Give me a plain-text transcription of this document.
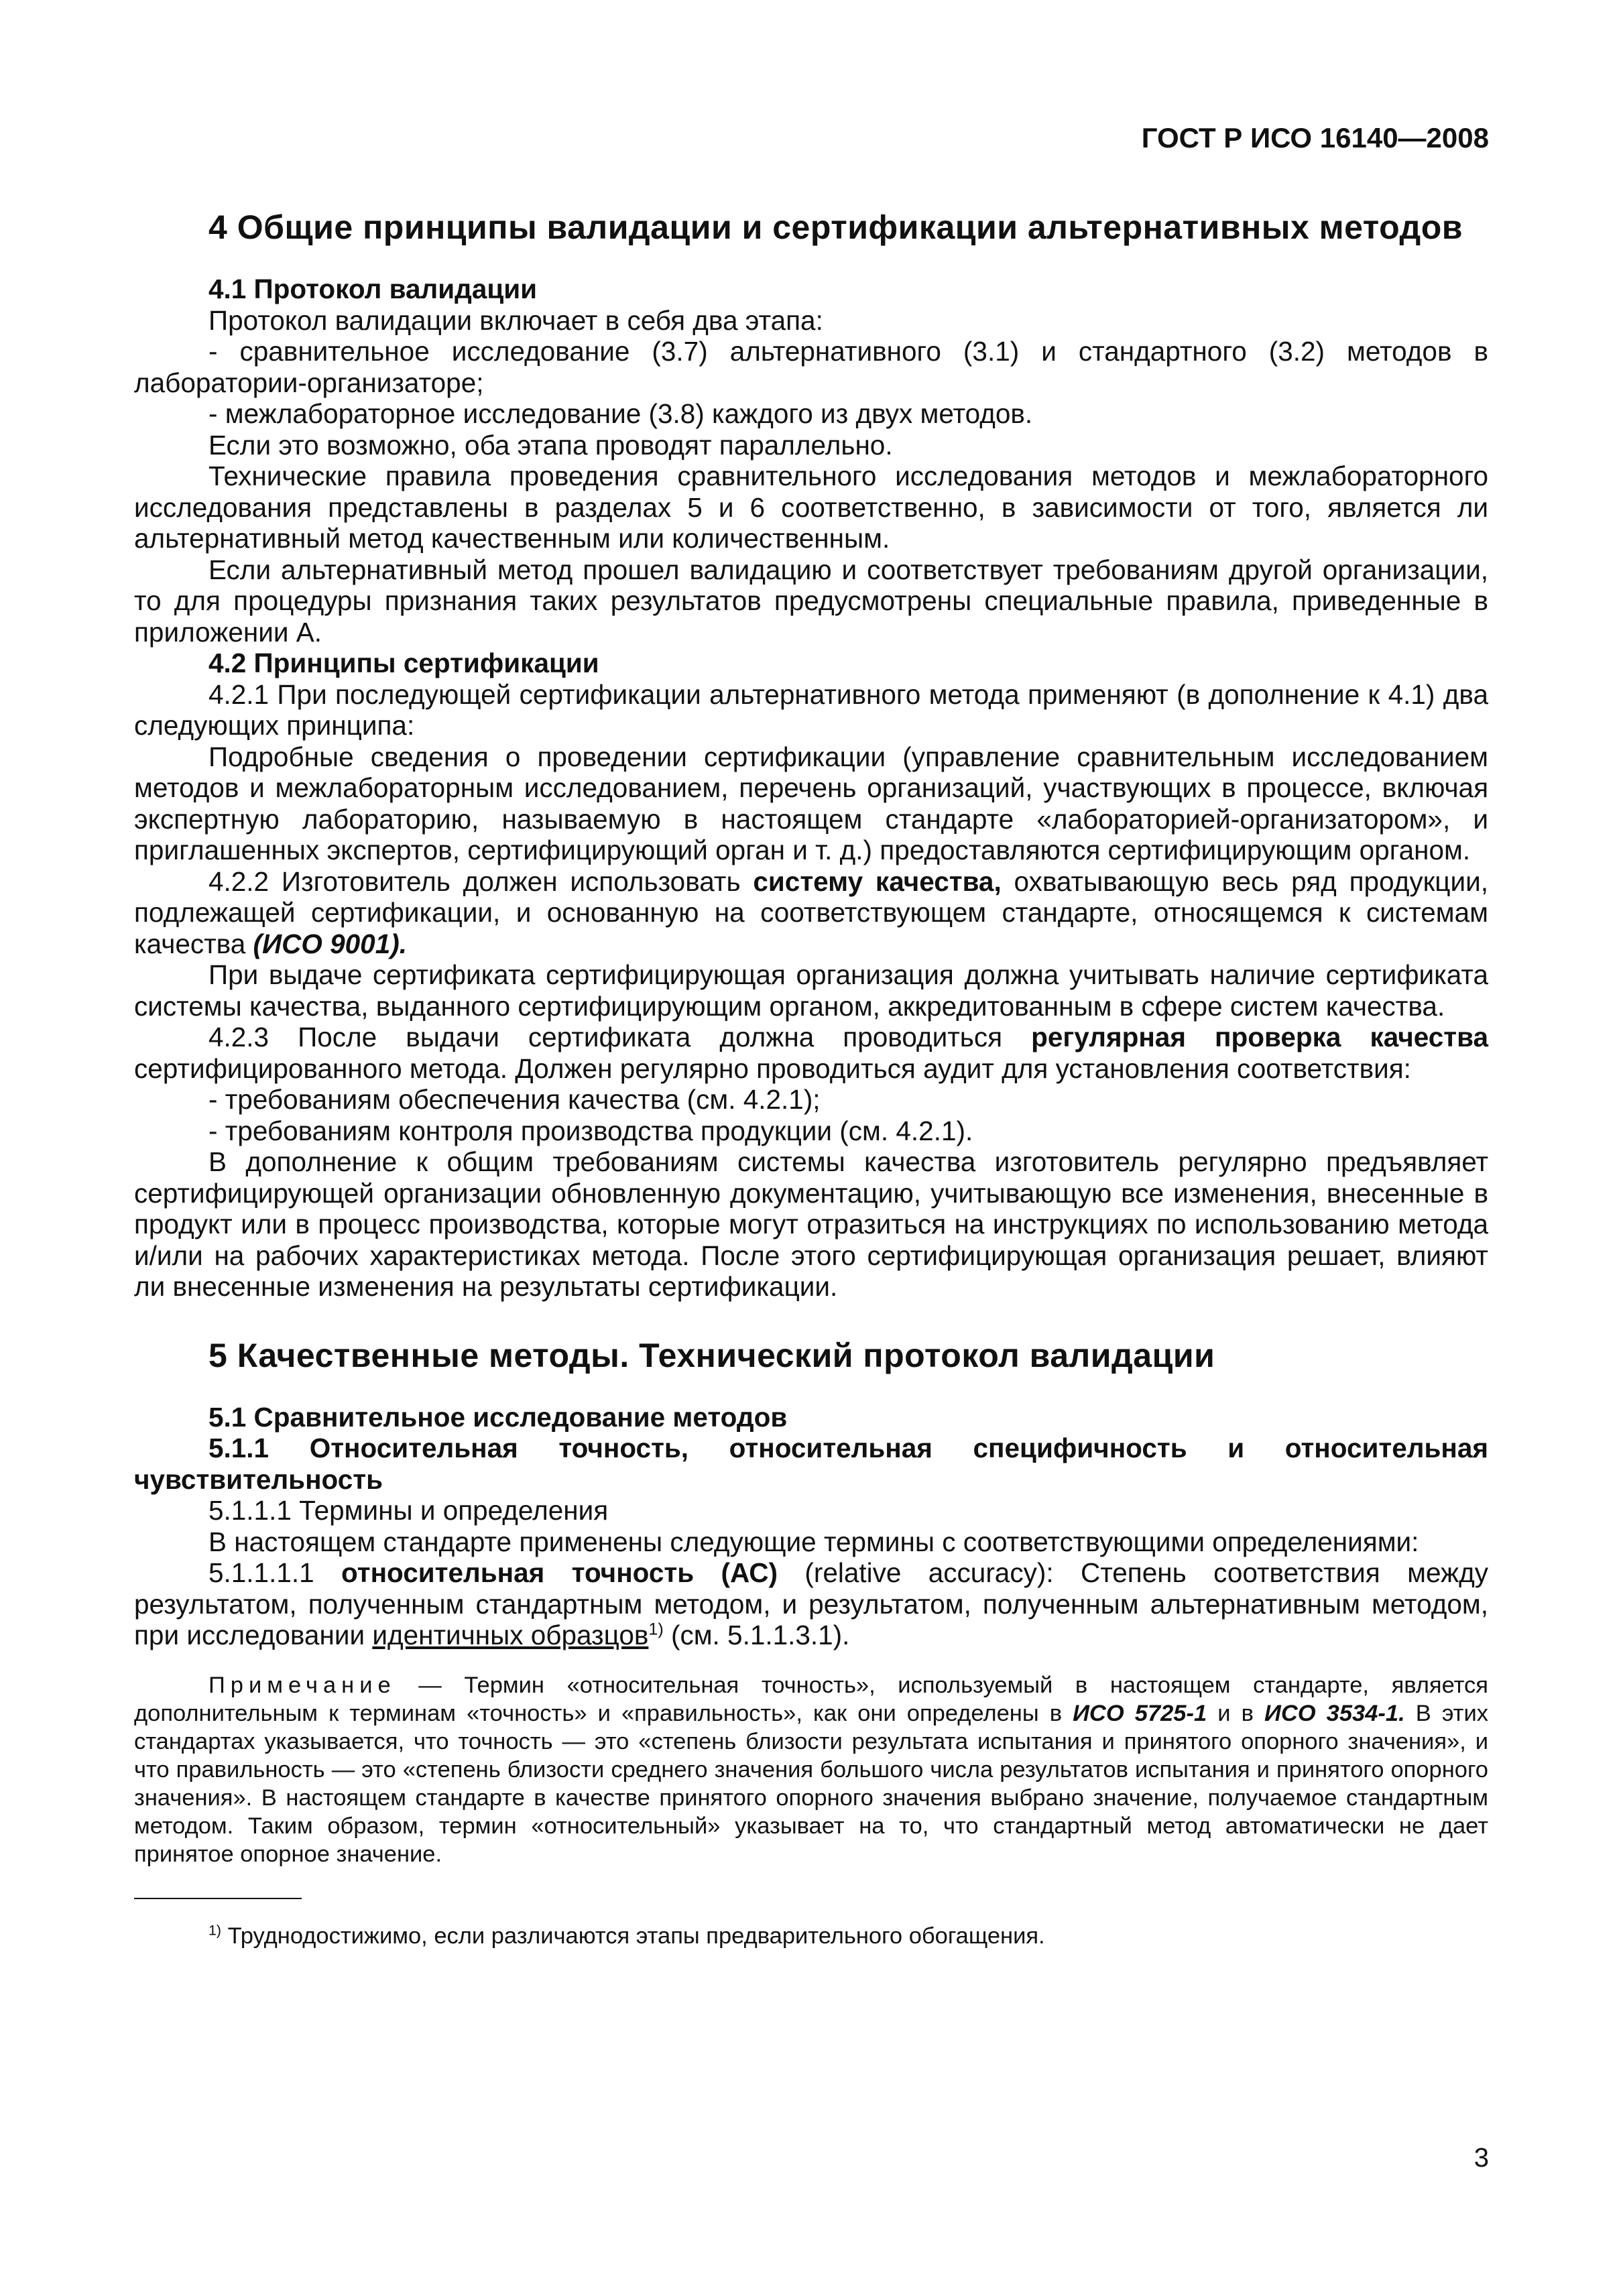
ГОСТ Р ИСО 16140—2008
4 Общие принципы валидации и сертификации альтернативных методов

4.1 Протокол валидации

Протокол валидации включает в себя два этапа:

- сравнительное исследование (3.7) альтернативного (3.1) и стандартного (3.2) методов в лаборатории-организаторе;

- межлабораторное исследование (3.8) каждого из двух методов.

Если это возможно, оба этапа проводят параллельно.

Технические правила проведения сравнительного исследования методов и межлабораторного исследования представлены в разделах 5 и 6 соответственно, в зависимости от того, является ли альтернативный метод качественным или количественным.

Если альтернативный метод прошел валидацию и соответствует требованиям другой организации, то для процедуры признания таких результатов предусмотрены специальные правила, приведенные в приложении А.

4.2 Принципы сертификации

4.2.1 При последующей сертификации альтернативного метода применяют (в дополнение к 4.1) два следующих принципа:

Подробные сведения о проведении сертификации (управление сравнительным исследованием методов и межлабораторным исследованием, перечень организаций, участвующих в процессе, включая экспертную лабораторию, называемую в настоящем стандарте «лабораторией-организатором», и приглашенных экспертов, сертифицирующий орган и т. д.) предоставляются сертифицирующим органом.

4.2.2 Изготовитель должен использовать систему качества, охватывающую весь ряд продукции, подлежащей сертификации, и основанную на соответствующем стандарте, относящемся к системам качества (ИСО 9001).

При выдаче сертификата сертифицирующая организация должна учитывать наличие сертификата системы качества, выданного сертифицирующим органом, аккредитованным в сфере систем качества.

4.2.3 После выдачи сертификата должна проводиться регулярная проверка качества сертифицированного метода. Должен регулярно проводиться аудит для установления соответствия:

- требованиям обеспечения качества (см. 4.2.1);

- требованиям контроля производства продукции (см. 4.2.1).

В дополнение к общим требованиям системы качества изготовитель регулярно предъявляет сертифицирующей организации обновленную документацию, учитывающую все изменения, внесенные в продукт или в процесс производства, которые могут отразиться на инструкциях по использованию метода и/или на рабочих характеристиках метода. После этого сертифицирующая организация решает, влияют ли внесенные изменения на результаты сертификации.

5 Качественные методы. Технический протокол валидации

5.1 Сравнительное исследование методов

5.1.1 Относительная точность, относительная специфичность и относительная чувствительность

5.1.1.1 Термины и определения

В настоящем стандарте применены следующие термины с соответствующими определениями:

5.1.1.1.1 относительная точность (АС) (relative accuracy): Степень соответствия между результатом, полученным стандартным методом, и результатом, полученным альтернативным методом, при исследовании идентичных образцов$^{1)}$ (см. 5.1.1.3.1).

Примечание — Термин «относительная точность», используемый в настоящем стандарте, является дополнительным к терминам «точность» и «правильность», как они определены в ИСО 5725-1 и в ИСО 3534-1. В этих стандартах указывается, что точность — это «степень близости результата испытания и принятого опорного значения», и что правильность — это «степень близости среднего значения большого числа результатов испытания и принятого опорного значения». В настоящем стандарте в качестве принятого опорного значения выбрано значение, получаемое стандартным методом. Таким образом, термин «относительный» указывает на то, что стандартный метод автоматически не дает принятое опорное значение.

$^{1)}$ Труднодостижимо, если различаются этапы предварительного обогащения.

3
